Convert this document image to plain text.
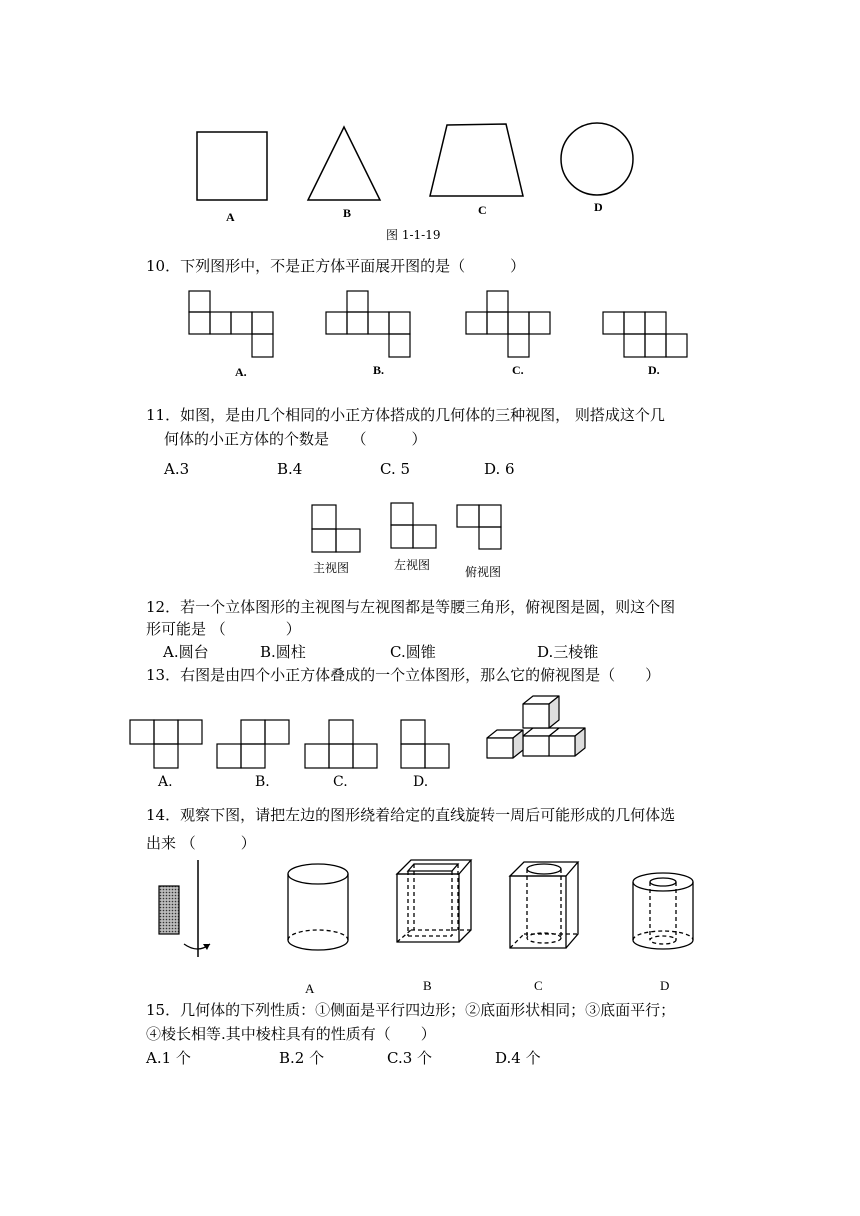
A	B	C	D
图 1-1-19
10．下列图形中，不是正方体平面展开图的是（　　　）
A.	B.	C.	D.
11．如图，是由几个相同的小正方体搭成的几何体的三种视图， 则搭成这个几
何体的小正方体的个数是　　（　　　）
A.3	B.4	C. 5	D. 6
主视图	左视图	俯视图
12．若一个立体图形的主视图与左视图都是等腰三角形，俯视图是圆，则这个图
形可能是 （　　　　）
A.圆台	B.圆柱	C.圆锥	D.三棱锥
13．右图是由四个小正方体叠成的一个立体图形，那么它的俯视图是（　　）
A.	B.	C.	D.
14．观察下图，请把左边的图形绕着给定的直线旋转一周后可能形成的几何体选
出来 （　　　）
A	B	C	D
15．几何体的下列性质：①侧面是平行四边形；②底面形状相同；③底面平行；
④棱长相等.其中棱柱具有的性质有（　　）
A.1 个	B.2 个	C.3 个	D.4 个
